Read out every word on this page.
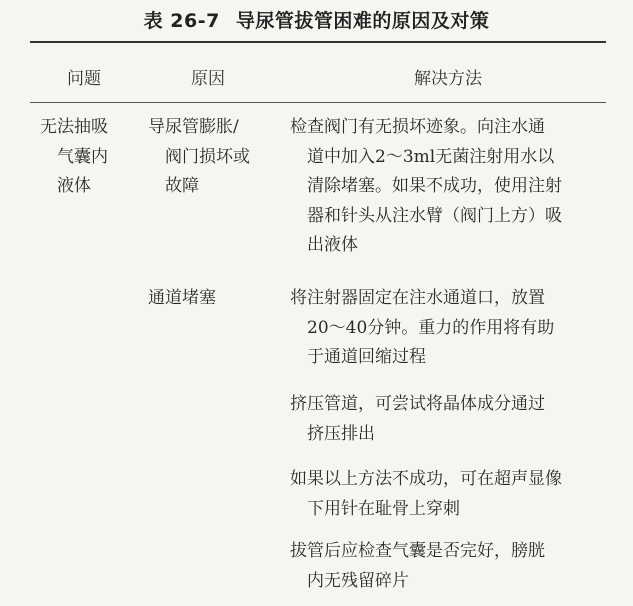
表 26-7 导尿管拔管困难的原因及对策
问题	原因	解决方法
无法抽吸
气囊内
液体
导尿管膨胀/
阀门损坏或
故障
通道堵塞
检查阀门有无损坏迹象。向注水通
道中加入2～3ml无菌注射用水以
清除堵塞。如果不成功，使用注射
器和针头从注水臂（阀门上方）吸
出液体
将注射器固定在注水通道口，放置
20～40分钟。重力的作用将有助
于通道回缩过程
挤压管道，可尝试将晶体成分通过
挤压排出
如果以上方法不成功，可在超声显像
下用针在耻骨上穿刺
拔管后应检查气囊是否完好，膀胱
内无残留碎片
